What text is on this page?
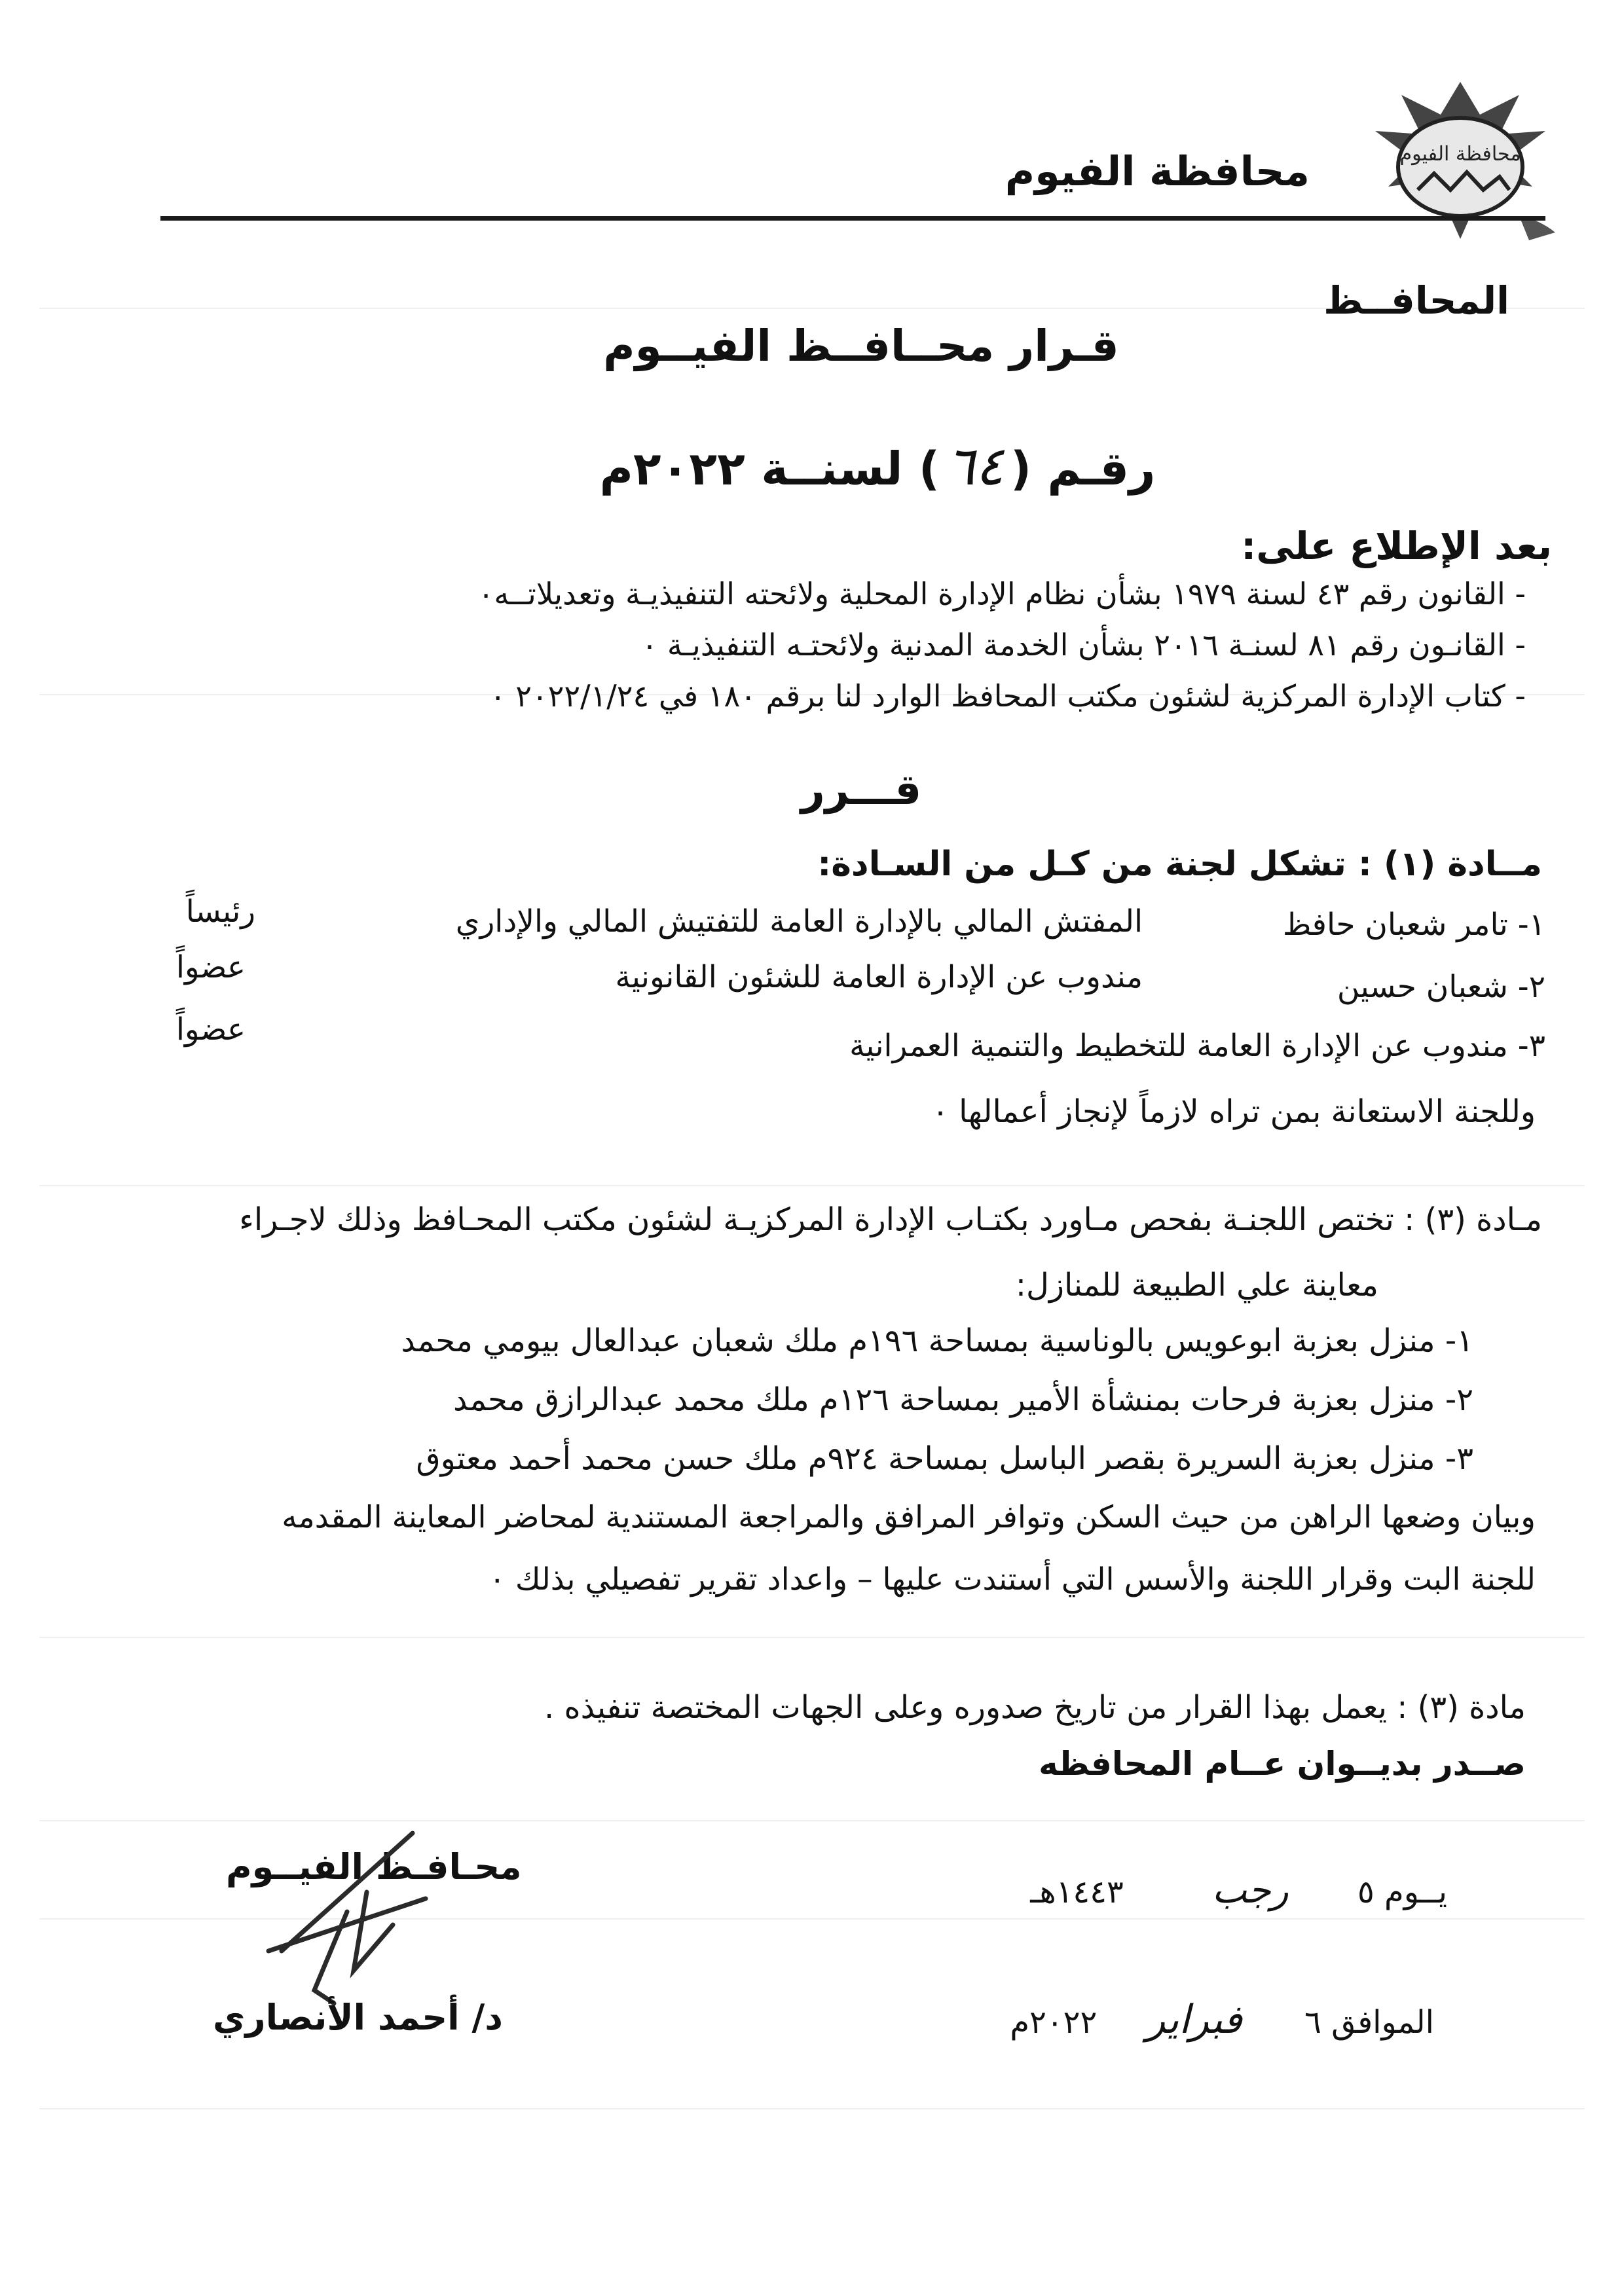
محافظة الفيوم
محافظة الفيوم
المحافــظ
قـرار محــافــظ الفيــوم
رقـم (٦٤) لسنــة ٢٠٢٢م
بعد الإطلاع على:
- القانون رقم ٤٣ لسنة ١٩٧٩ بشأن نظام الإدارة المحلية ولائحته التنفيذيـة وتعديلاتــه٠
- القانـون رقم ٨١ لسنـة ٢٠١٦ بشأن الخدمة المدنية ولائحتـه التنفيذيـة ٠
- كتاب الإدارة المركزية لشئون مكتب المحافظ الوارد لنا برقم ١٨٠ في ٢٠٢٢/١/٢٤ ٠
قـــرر
مــادة (١) : تشكل لجنة من كـل من السـادة:
١- تامر شعبان حافظ
المفتش المالي بالإدارة العامة للتفتيش المالي والإداري
رئيساً
٢- شعبان حسين
مندوب عن الإدارة العامة للشئون القانونية
عضواً
٣- مندوب عن الإدارة العامة للتخطيط والتنمية العمرانية
عضواً
وللجنة الاستعانة بمن تراه لازماً لإنجاز أعمالها ٠
مـادة (٣) : تختص اللجنـة بفحص مـاورد بكتـاب الإدارة المركزيـة لشئون مكتب المحـافظ وذلك لاجـراء
معاينة علي الطبيعة للمنازل:
١- منزل بعزبة ابوعويس بالوناسية بمساحة ١٩٦م ملك شعبان عبدالعال بيومي محمد
٢- منزل بعزبة فرحات بمنشأة الأمير بمساحة ١٢٦م ملك محمد عبدالرازق محمد
٣- منزل بعزبة السريرة بقصر الباسل بمساحة ٩٢٤م ملك حسن محمد أحمد معتوق
وبيان وضعها الراهن من حيث السكن وتوافر المرافق والمراجعة المستندية لمحاضر المعاينة المقدمه
للجنة البت وقرار اللجنة والأسس التي أستندت عليها – واعداد تقرير تفصيلي بذلك ٠
مادة (٣) : يعمل بهذا القرار من تاريخ صدوره وعلى الجهات المختصة تنفيذه .
صــدر بديــوان عــام المحافظه
يــوم ٥ رجب ١٤٤٣هـ
الموافق ٦ فبراير ٢٠٢٢م
محـافـظ الفيــوم
د/ أحمد الأنصاري
